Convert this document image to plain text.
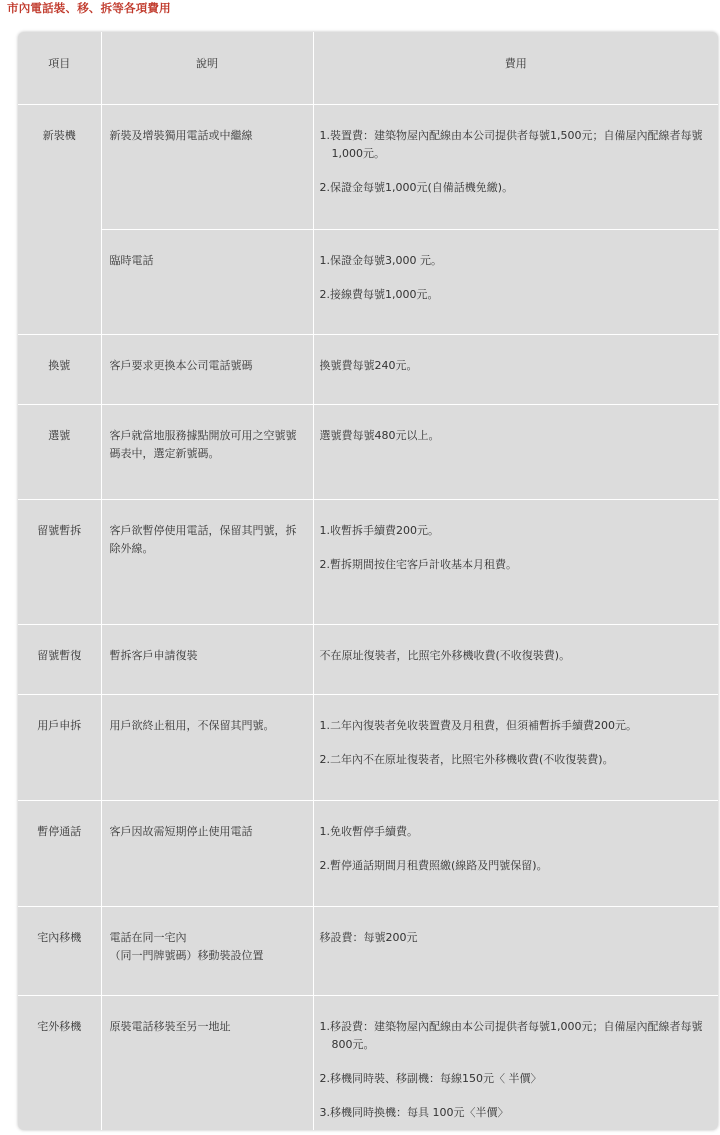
市內電話裝、移、拆等各項費用
項目	說明	費用
新裝機	新裝及增裝獨用電話或中繼線	1.裝置費：建築物屋內配線由本公司提供者每號1,500元；自備屋內配線者每號1,000元。
2.保證金每號1,000元(自備話機免繳)。

	臨時電話	1.保證金每號3,000 元。
2.接線費每號1,000元。

換號	客戶要求更換本公司電話號碼	換號費每號240元。

選號	客戶就當地服務據點開放可用之空號號碼表中，選定新號碼。	選號費每號480元以上。

留號暫拆	客戶欲暫停使用電話，保留其門號，拆除外線。	1.收暫拆手續費200元。
2.暫拆期間按住宅客戶計收基本月租費。

留號暫復	暫拆客戶申請復裝	不在原址復裝者，比照宅外移機收費(不收復裝費)。

用戶申拆	用戶欲終止租用，不保留其門號。	1.二年內復裝者免收裝置費及月租費，但須補暫拆手續費200元。
2.二年內不在原址復裝者，比照宅外移機收費(不收復裝費)。

暫停通話	客戶因故需短期停止使用電話	1.免收暫停手續費。
2.暫停通話期間月租費照繳(線路及門號保留)。

宅內移機	電話在同一宅內
（同一門牌號碼）移動裝設位置	移設費：每號200元

宅外移機	原裝電話移裝至另一地址	1.移設費：建築物屋內配線由本公司提供者每號1,000元；自備屋內配線者每號800元。
2.移機同時裝、移副機：每線150元〈 半價〉
3.移機同時換機：每具 100元〈半價〉
